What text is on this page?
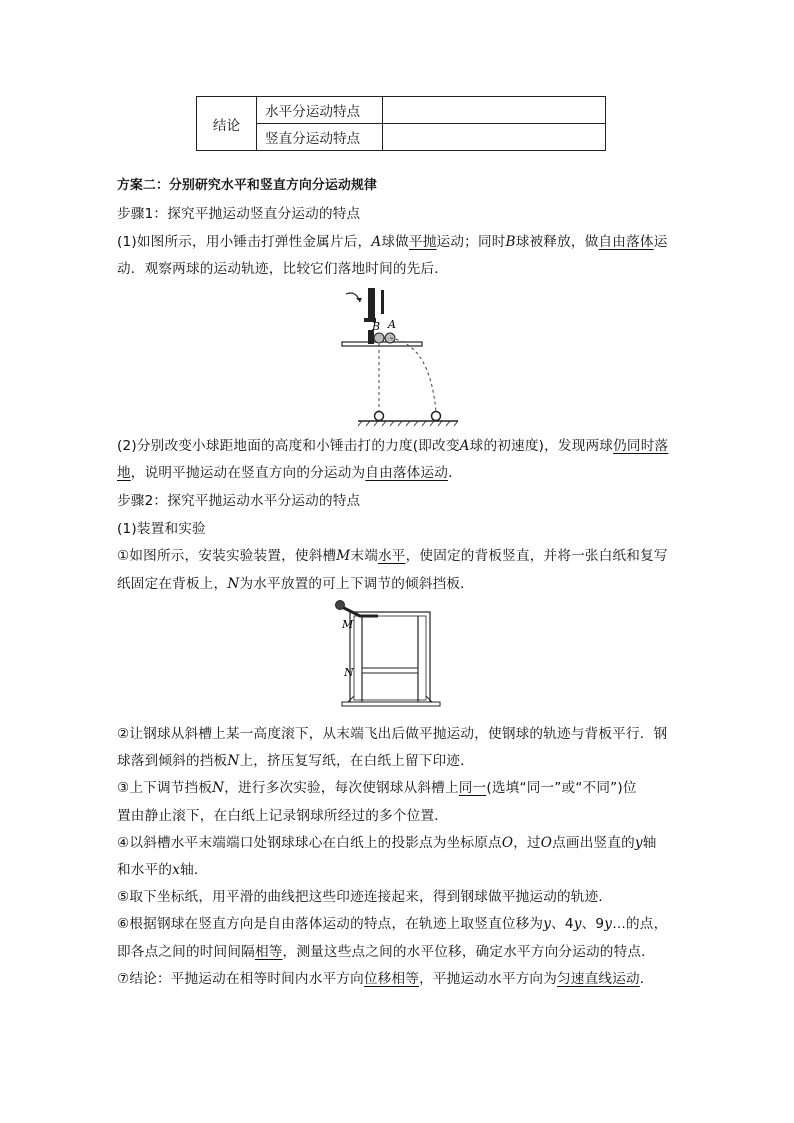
结论	水平分运动特点	
	竖直分运动特点	
方案二：分别研究水平和竖直方向分运动规律
步骤1：探究平抛运动竖直分运动的特点
(1)如图所示，用小锤击打弹性金属片后，A球做平抛运动；同时B球被释放，做自由落体运
动．观察两球的运动轨迹，比较它们落地时间的先后．
B A
(2)分别改变小球距地面的高度和小锤击打的力度(即改变A球的初速度)，发现两球仍同时落
地，说明平抛运动在竖直方向的分运动为自由落体运动．
步骤2：探究平抛运动水平分运动的特点
(1)装置和实验
①如图所示，安装实验装置，使斜槽M末端水平，使固定的背板竖直，并将一张白纸和复写
纸固定在背板上，N为水平放置的可上下调节的倾斜挡板．
M
N
②让钢球从斜槽上某一高度滚下，从末端飞出后做平抛运动，使钢球的轨迹与背板平行．钢
球落到倾斜的挡板N上，挤压复写纸，在白纸上留下印迹．
③上下调节挡板N，进行多次实验，每次使钢球从斜槽上同一(选填“同一”或“不同”)位
置由静止滚下，在白纸上记录钢球所经过的多个位置．
④以斜槽水平末端端口处钢球球心在白纸上的投影点为坐标原点O，过O点画出竖直的y轴
和水平的x轴．
⑤取下坐标纸，用平滑的曲线把这些印迹连接起来，得到钢球做平抛运动的轨迹．
⑥根据钢球在竖直方向是自由落体运动的特点，在轨迹上取竖直位移为y、4y、9y…的点，
即各点之间的时间间隔相等，测量这些点之间的水平位移，确定水平方向分运动的特点．
⑦结论：平抛运动在相等时间内水平方向位移相等，平抛运动水平方向为匀速直线运动．
